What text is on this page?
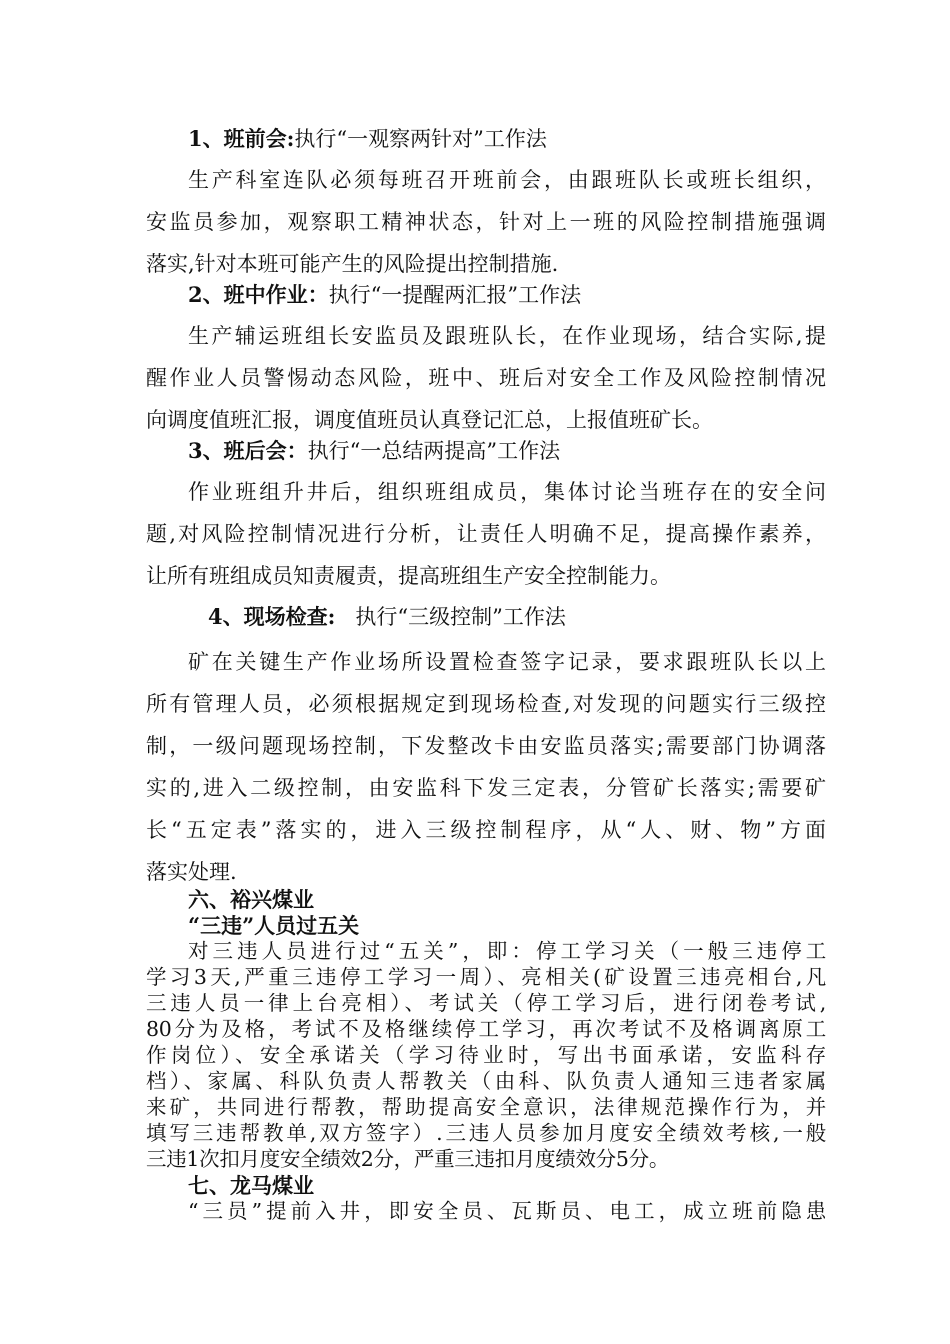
1、班前会:执行“一观察两针对”工作法
生产科室连队必须每班召开班前会，由跟班队长或班长组织，
安监员参加，观察职工精神状态，针对上一班的风险控制措施强调
落实,针对本班可能产生的风险提出控制措施.
2、班中作业：执行“一提醒两汇报”工作法
生产辅运班组长安监员及跟班队长，在作业现场，结合实际,提
醒作业人员警惕动态风险，班中、班后对安全工作及风险控制情况
向调度值班汇报，调度值班员认真登记汇总，上报值班矿长。
3、班后会：执行“一总结两提高”工作法
作业班组升井后，组织班组成员，集体讨论当班存在的安全问
题,对风险控制情况进行分析，让责任人明确不足，提高操作素养，
让所有班组成员知责履责，提高班组生产安全控制能力。
4、现场检查: 执行“三级控制”工作法
矿在关键生产作业场所设置检查签字记录，要求跟班队长以上
所有管理人员，必须根据规定到现场检查,对发现的问题实行三级控
制，一级问题现场控制，下发整改卡由安监员落实;需要部门协调落
实的,进入二级控制，由安监科下发三定表，分管矿长落实;需要矿
长“五定表”落实的，进入三级控制程序，从“人、财、物”方面
落实处理.
六、裕兴煤业
“三违”人员过五关
对三违人员进行过“五关”，即：停工学习关（一般三违停工
学习3天,严重三违停工学习一周）、亮相关(矿设置三违亮相台,凡
三违人员一律上台亮相）、考试关（停工学习后，进行闭卷考试,
80分为及格，考试不及格继续停工学习，再次考试不及格调离原工
作岗位）、安全承诺关（学习待业时，写出书面承诺，安监科存
档）、家属、科队负责人帮教关（由科、队负责人通知三违者家属
来矿，共同进行帮教，帮助提高安全意识，法律规范操作行为，并
填写三违帮教单,双方签字）.三违人员参加月度安全绩效考核,一般
三违1次扣月度安全绩效2分，严重三违扣月度绩效分5分。
七、龙马煤业
“三员”提前入井，即安全员、瓦斯员、电工，成立班前隐患
